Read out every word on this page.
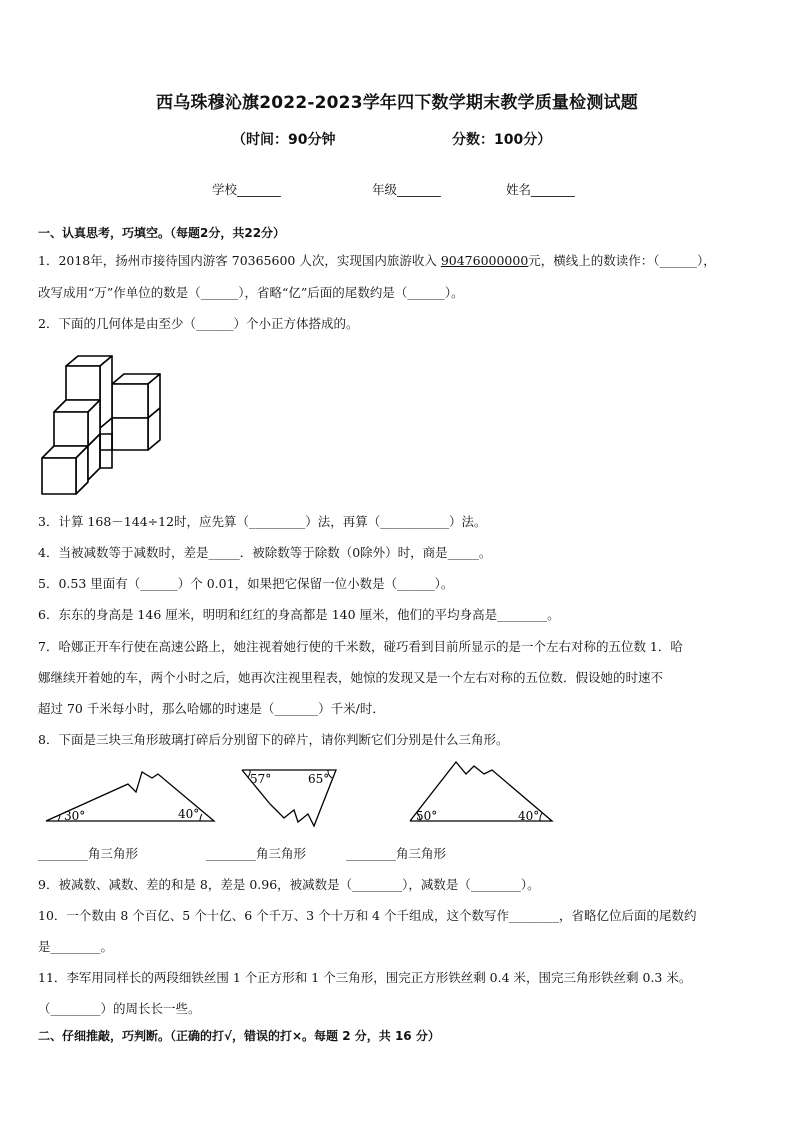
西乌珠穆沁旗2022-2023学年四下数学期末教学质量检测试题
（时间：90分钟	分数：100分）
学校_______	年级_______	姓名_______
一、认真思考，巧填空。（每题2分，共22分）
1．2018年，扬州市接待国内游客 70365600 人次，实现国内旅游收入 90476000000元，横线上的数读作：（______），
改写成用“万”作单位的数是（______），省略“亿”后面的尾数约是（______）。
2．下面的几何体是由至少（______）个小正方体搭成的。
3．计算 168－144÷12时，应先算（_________）法，再算（___________）法。
4．当被减数等于减数时，差是_____．被除数等于除数（0除外）时，商是_____。
5．0.53 里面有（______）个 0.01，如果把它保留一位小数是（______）。
6．东东的身高是 146 厘米，明明和红红的身高都是 140 厘米，他们的平均身高是________。
7．哈娜正开车行使在高速公路上，她注视着她行使的千米数，碰巧看到目前所显示的是一个左右对称的五位数 1．哈
娜继续开着她的车，两个小时之后，她再次注视里程表，她惊的发现又是一个左右对称的五位数．假设她的时速不
超过 70 千米每小时，那么哈娜的时速是（_______）千米/时．
8．下面是三块三角形玻璃打碎后分别留下的碎片，请你判断它们分别是什么三角形。
30°	40°
57°	65°
50°	40°
________角三角形	________角三角形	________角三角形
9．被减数、减数、差的和是 8，差是 0.96，被减数是（________），减数是（________）。
10．一个数由 8 个百亿、5 个十亿、6 个千万、3 个十万和 4 个千组成，这个数写作________，省略亿位后面的尾数约
是________。
11．李军用同样长的两段细铁丝围 1 个正方形和 1 个三角形，围完正方形铁丝剩 0.4 米，围完三角形铁丝剩 0.3 米。
（________）的周长长一些。
二、仔细推敲，巧判断。（正确的打√，错误的打×。每题 2 分，共 16 分）
